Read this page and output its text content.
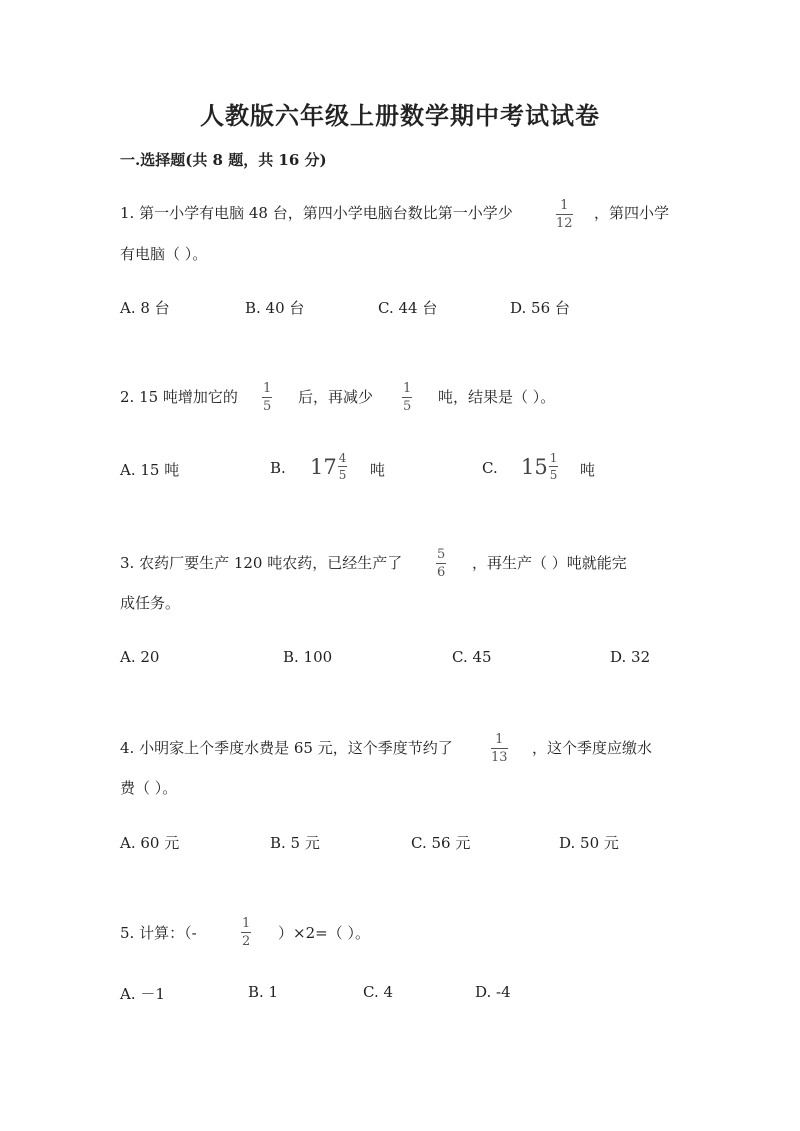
人教版六年级上册数学期中考试试卷
一.选择题(共 8 题，共 16 分)
1. 第一小学有电脑 48 台，第四小学电脑台数比第一小学少	1
12
，第四小学
有电脑（ ）。
A. 8 台	B. 40 台	C. 44 台	D. 56 台
2. 15 吨增加它的 1
5
后，再减少 1
5
吨，结果是（ ）。
A. 15 吨	B. $17 \frac{4}{5}$ 吨	C. $15 \frac{1}{5}$ 吨
3. 农药厂要生产 120 吨农药，已经生产了	5
6
，再生产（ ）吨就能完
成任务。
A. 20	B. 100	C. 45	D. 32
4. 小明家上个季度水费是 65 元，这个季度节约了	1
13
，这个季度应缴水
费（ ）。
A. 60 元	B. 5 元	C. 56 元	D. 50 元
5. 计算：（-
1
2 ）×2=（ ）。
A. －1	B. 1	C. 4	D. -4
